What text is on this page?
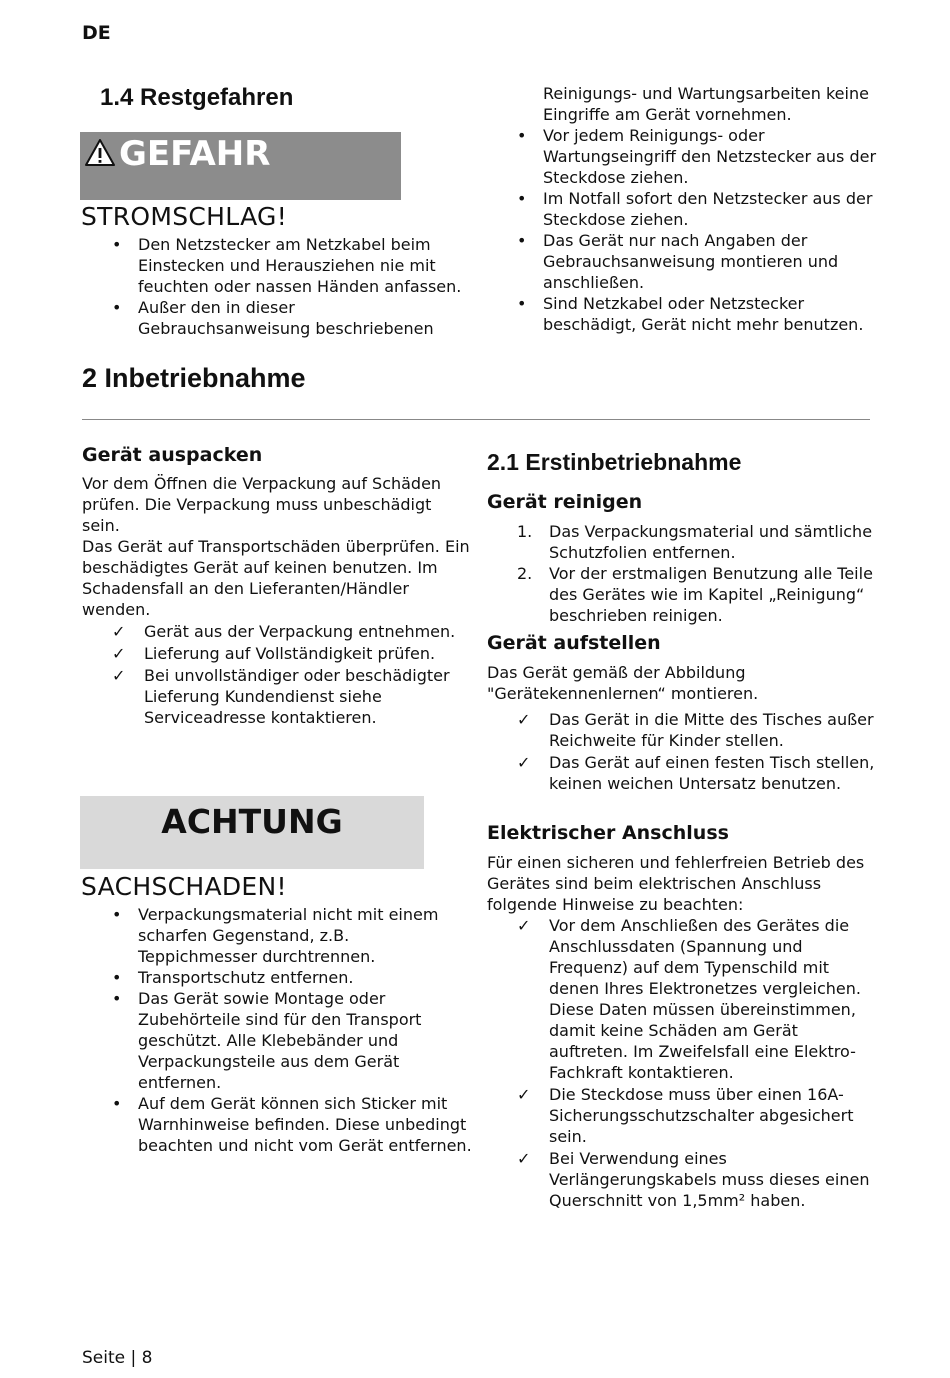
DE
1.4 Restgefahren
GEFAHR
STROMSCHLAG!
• Den Netzstecker am Netzkabel beim Einstecken und Herausziehen nie mit feuchten oder nassen Händen anfassen.
• Außer den in dieser Gebrauchsanweisung beschriebenen
Reinigungs- und Wartungsarbeiten keine Eingriffe am Gerät vornehmen.
• Vor jedem Reinigungs- oder Wartungseingriff den Netzstecker aus der Steckdose ziehen.
• Im Notfall sofort den Netzstecker aus der Steckdose ziehen.
• Das Gerät nur nach Angaben der Gebrauchsanweisung montieren und anschließen.
• Sind Netzkabel oder Netzstecker beschädigt, Gerät nicht mehr benutzen.
2 Inbetriebnahme
Gerät auspacken
Vor dem Öffnen die Verpackung auf Schäden prüfen. Die Verpackung muss unbeschädigt sein.
Das Gerät auf Transportschäden überprüfen. Ein beschädigtes Gerät auf keinen benutzen. Im Schadensfall an den Lieferanten/Händler wenden.
✓ Gerät aus der Verpackung entnehmen.
✓ Lieferung auf Vollständigkeit prüfen.
✓ Bei unvollständiger oder beschädigter Lieferung Kundendienst siehe Serviceadresse kontaktieren.
ACHTUNG
SACHSCHADEN!
• Verpackungsmaterial nicht mit einem scharfen Gegenstand, z.B. Teppichmesser durchtrennen.
• Transportschutz entfernen.
• Das Gerät sowie Montage oder Zubehörteile sind für den Transport geschützt. Alle Klebebänder und Verpackungsteile aus dem Gerät entfernen.
• Auf dem Gerät können sich Sticker mit Warnhinweise befinden. Diese unbedingt beachten und nicht vom Gerät entfernen.
2.1 Erstinbetriebnahme
Gerät reinigen
1. Das Verpackungsmaterial und sämtliche Schutzfolien entfernen.
2. Vor der erstmaligen Benutzung alle Teile des Gerätes wie im Kapitel „Reinigung“ beschrieben reinigen.
Gerät aufstellen
Das Gerät gemäß der Abbildung "Gerätekennenlernen“ montieren.
✓ Das Gerät in die Mitte des Tisches außer Reichweite für Kinder stellen.
✓ Das Gerät auf einen festen Tisch stellen, keinen weichen Untersatz benutzen.
Elektrischer Anschluss
Für einen sicheren und fehlerfreien Betrieb des Gerätes sind beim elektrischen Anschluss folgende Hinweise zu beachten:
✓ Vor dem Anschließen des Gerätes die Anschlussdaten (Spannung und Frequenz) auf dem Typenschild mit denen Ihres Elektronetzes vergleichen. Diese Daten müssen übereinstimmen, damit keine Schäden am Gerät auftreten. Im Zweifelsfall eine Elektro-Fachkraft kontaktieren.
✓ Die Steckdose muss über einen 16A-Sicherungsschutzschalter abgesichert sein.
✓ Bei Verwendung eines Verlängerungskabels muss dieses einen Querschnitt von 1,5mm² haben.
Seite | 8
